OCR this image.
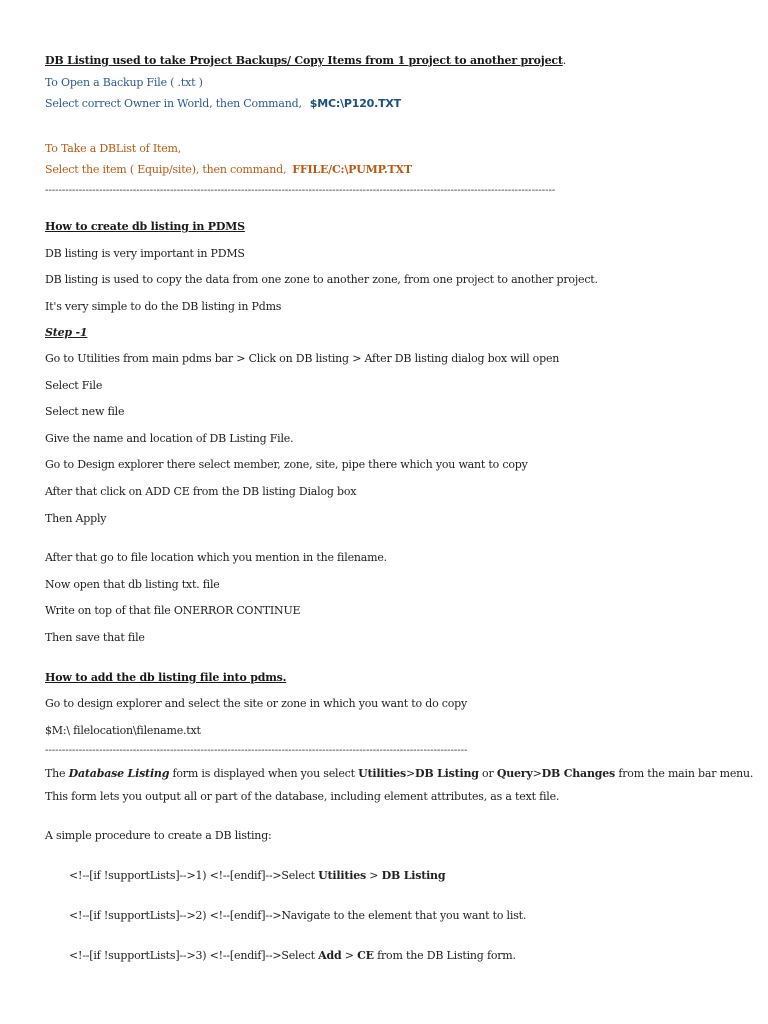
DB Listing used to take Project Backups/ Copy Items from 1 project to another project.
To Open a Backup File ( .txt )
Select correct Owner in World, then Command, $MC:\P120.TXT
To Take a DBList of Item,
Select the item ( Equip/site), then command, FFILE/C:\PUMP.TXT
-------------------------------------------------------------------------------------------------------------------------------------------------------
How to create db listing in PDMS
DB listing is very important in PDMS
DB listing is used to copy the data from one zone to another zone, from one project to another project.
It's very simple to do the DB listing in Pdms
Step -1
Go to Utilities from main pdms bar > Click on DB listing > After DB listing dialog box will open
Select File
Select new file
Give the name and location of DB Listing File.
Go to Design explorer there select member, zone, site, pipe there which you want to copy
After that click on ADD CE from the DB listing Dialog box
Then Apply
After that go to file location which you mention in the filename.
Now open that db listing txt. file
Write on top of that file ONERROR CONTINUE
Then save that file
How to add the db listing file into pdms.
Go to design explorer and select the site or zone in which you want to do copy
$M:\ filelocation\filename.txt
-----------------------------------------------------------------------------------------------------------------------------
The Database Listing form is displayed when you select Utilities>DB Listing or Query>DB Changes from the main bar menu.
This form lets you output all or part of the database, including element attributes, as a text file.
A simple procedure to create a DB listing:
<!--[if !supportLists]-->1) <!--[endif]-->Select Utilities > DB Listing
<!--[if !supportLists]-->2) <!--[endif]-->Navigate to the element that you want to list.
<!--[if !supportLists]-->3) <!--[endif]-->Select Add > CE from the DB Listing form.
